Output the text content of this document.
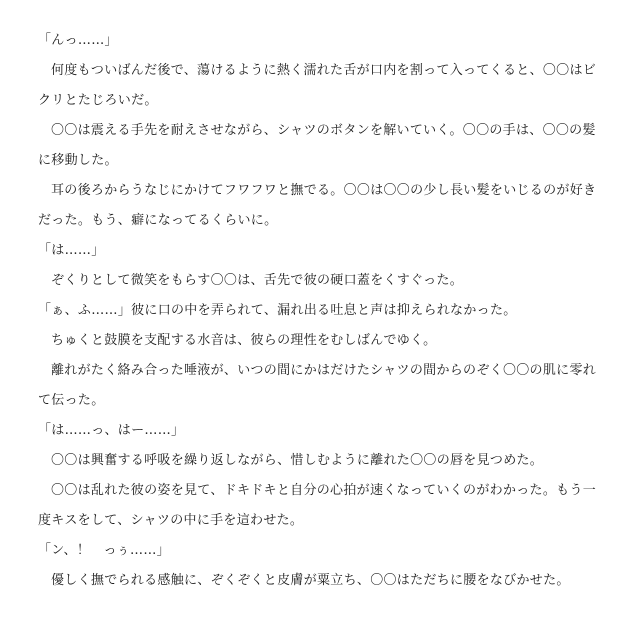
「んっ……」

何度もついばんだ後で、蕩けるように熱く濡れた舌が口内を割って入ってくると、〇〇はビ
クリとたじろいだ。

〇〇は震える手先を耐えさせながら、シャツのボタンを解いていく。〇〇の手は、〇〇の髪
に移動した。

耳の後ろからうなじにかけてフワフワと撫でる。〇〇は〇〇の少し長い髪をいじるのが好き
だった。もう、癖になってるくらいに。

「は……」

ぞくりとして微笑をもらす〇〇は、舌先で彼の硬口蓋をくすぐった。

「ぁ、ふ……」彼に口の中を弄られて、漏れ出る吐息と声は抑えられなかった。

ちゅくと鼓膜を支配する水音は、彼らの理性をむしばんでゆく。

離れがたく絡み合った唾液が、いつの間にかはだけたシャツの間からのぞく〇〇の肌に零れ
て伝った。

「は……っ、はー……」

〇〇は興奮する呼吸を繰り返しながら、惜しむように離れた〇〇の唇を見つめた。

〇〇は乱れた彼の姿を見て、ドキドキと自分の心拍が速くなっていくのがわかった。もう一
度キスをして、シャツの中に手を這わせた。

「ン、！　っぅ……」

優しく撫でられる感触に、ぞくぞくと皮膚が粟立ち、〇〇はただちに腰をなびかせた。
